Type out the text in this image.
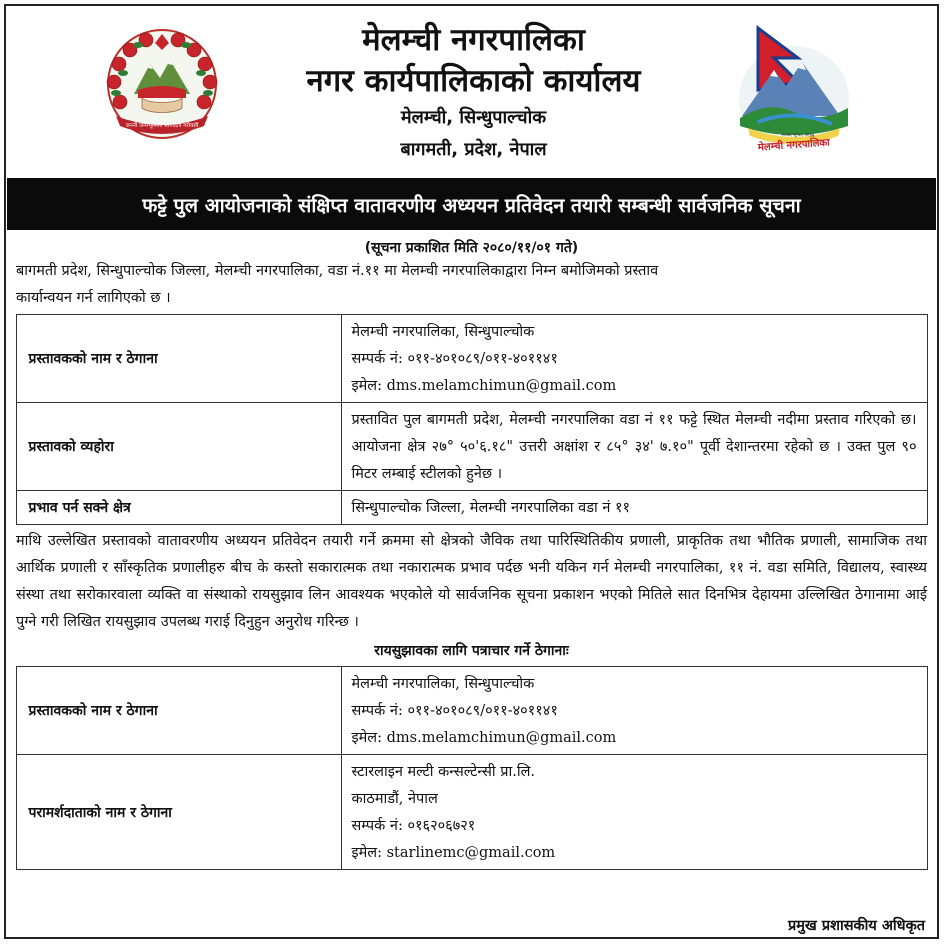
जननी जन्मभूमिश्च स्वर्गादपि गरीयसी
मेलम्ची नगरपालिका
नगर कार्यपालिकाको कार्यालय
मेलम्ची, सिन्धुपाल्चोक
बागमती, प्रदेश, नेपाल	मेलम्ची नगरपालिका
स्वच्छ, सुन्दर, समृद्ध
फट्टे पुल आयोजनाको संक्षिप्त वातावरणीय अध्ययन प्रतिवेदन तयारी सम्बन्धी सार्वजनिक सूचना
(सूचना प्रकाशित मिति २०८०/११/०१ गते)
बागमती प्रदेश, सिन्धुपाल्चोक जिल्ला, मेलम्ची नगरपालिका, वडा नं.११ मा मेलम्ची नगरपालिकाद्वारा निम्न बमोजिमको प्रस्ताव
कार्यान्वयन गर्न लागिएको छ ।
प्रस्तावकको नाम र ठेगाना	मेलम्ची नगरपालिका, सिन्धुपाल्चोक
सम्पर्क नं: ०११-४०१०८९/०११-४०११४१
इमेल: dms.melamchimun@gmail.com

प्रस्तावको व्यहोरा	प्रस्तावित पुल बागमती प्रदेश, मेलम्ची नगरपालिका वडा नं ११ फट्टे स्थित मेलम्ची नदीमा प्रस्ताव गरिएको छ। आयोजना क्षेत्र २७° ५०'६.१८" उत्तरी अक्षांश र ८५° ३४' ७.१०" पूर्वी देशान्तरमा रहेको छ । उक्त पुल ९० मिटर लम्बाई स्टीलको हुनेछ ।
प्रभाव पर्न सक्ने क्षेत्र	सिन्धुपाल्चोक जिल्ला, मेलम्ची नगरपालिका वडा नं ११
माथि उल्लेखित प्रस्तावको वातावरणीय अध्ययन प्रतिवेदन तयारी गर्ने क्रममा सो क्षेत्रको जैविक तथा पारिस्थितिकीय प्रणाली, प्राकृतिक तथा भौतिक प्रणाली, सामाजिक तथा आर्थिक प्रणाली र साँस्कृतिक प्रणालीहरु बीच के कस्तो सकारात्मक तथा नकारात्मक प्रभाव पर्दछ भनी यकिन गर्न मेलम्ची नगरपालिका, ११ नं. वडा समिति, विद्यालय, स्वास्थ्य संस्था तथा सरोकारवाला व्यक्ति वा संस्थाको रायसुझाव लिन आवश्यक भएकोले यो सार्वजनिक सूचना प्रकाशन भएको मितिले सात दिनभित्र देहायमा उल्लिखित ठेगानामा आई पुग्ने गरी लिखित रायसुझाव उपलब्ध गराई दिनुहुन अनुरोध गरिन्छ ।
रायसुझावका लागि पत्राचार गर्ने ठेगानाः
प्रस्तावकको नाम र ठेगाना	मेलम्ची नगरपालिका, सिन्धुपाल्चोक
सम्पर्क नं: ०११-४०१०८९/०११-४०११४१
इमेल: dms.melamchimun@gmail.com

परामर्शदाताको नाम र ठेगाना	स्टारलाइन मल्टी कन्सल्टेन्सी प्रा.लि.
काठमाडौं, नेपाल
सम्पर्क नं: ०१६२०६७२१
इमेल: starlinemc@gmail.com
प्रमुख प्रशासकीय अधिकृत
